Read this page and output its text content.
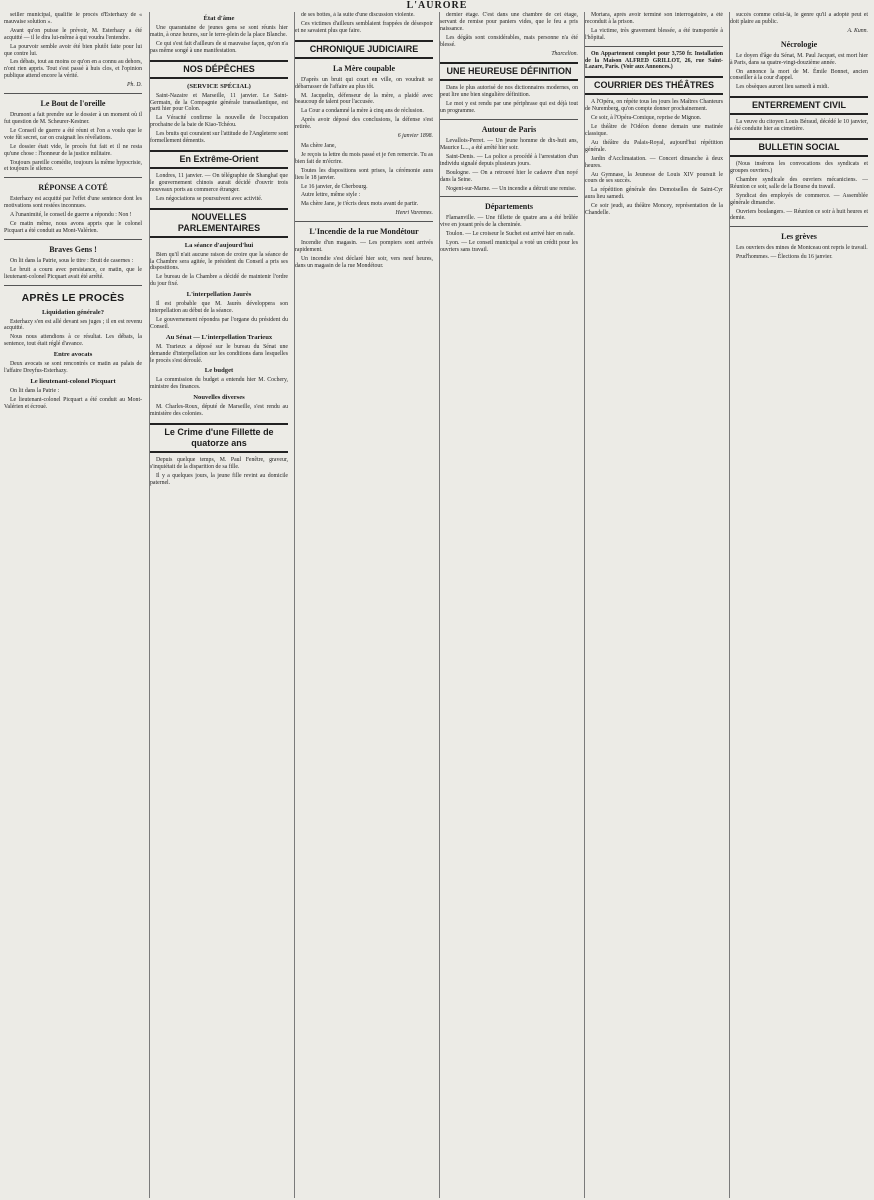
L'AURORE

seiller municipal, qualifie le procès d'Esterhazy de « mauvaise solution ».

Avant qu'on puisse le prévoir, M. Esterhazy a été acquitté — il le dira lui-même à qui voudra l'entendre.

La pourvoir semble avoir été bien plutôt faite pour lui que contre lui.

Les débats, tout au moins ce qu'on en a connu au dehors, n'ont rien appris. Tout s'est passé à huis clos, et l'opinion publique attend encore la vérité.

Ph. D.
Le Bout de l'oreille

Drumont a fait prendre sur le dossier à un moment où il fut question de M. Scheurer-Kestner.

Le Conseil de guerre a été réuni et l'on a voulu que le vote fût secret, car on craignait les révélations.

Le dossier était vide, le procès fut fait et il ne resta qu'une chose : l'honneur de la justice militaire.

Toujours pareille comédie, toujours la même hypocrisie, et toujours le silence.

RÉPONSE A COTÉ

Esterhazy est acquitté par l'effet d'une sentence dont les motivations sont restées inconnues.

A l'unanimité, le conseil de guerre a répondu : Non !

Ce matin même, nous avons appris que le colonel Picquart a été conduit au Mont-Valérien.

Braves Gens !

On lit dans la Patrie, sous le titre : Bruit de casernes :

Le bruit a couru avec persistance, ce matin, que le lieutenant-colonel Picquart avait été arrêté.

APRÈS LE PROCÈS
Liquidation générale?

Esterhazy s'en est allé devant ses juges ; il en est revenu acquitté.

Nous nous attendions à ce résultat. Les débats, la sentence, tout était réglé d'avance.

Entre avocats

Deux avocats se sont rencontrés ce matin au palais de l'affaire Dreyfus-Esterhazy.

Le lieutenant-colonel Picquart

On lit dans la Patrie :

Le lieutenant-colonel Picquart a été conduit au Mont-Valérien et écroué.

État d'âme

Une quarantaine de jeunes gens se sont réunis hier matin, à onze heures, sur le terre-plein de la place Blanche.

Ce qui s'est fait d'ailleurs de si mauvaise façon, qu'on n'a pas même songé à une manifestation.

NOS DÉPÊCHES
(SERVICE SPÉCIAL)

Saint-Nazaire et Marseille, 11 janvier. Le Saint-Germain, de la Compagnie générale transatlantique, est parti hier pour Colon.

La Véracité confirme la nouvelle de l'occupation prochaine de la baie de Kiao-Tchéou.

Les bruits qui couraient sur l'attitude de l'Angleterre sont formellement démentis.

En Extrême-Orient

Londres, 11 janvier. — On télégraphie de Shanghaï que le gouvernement chinois aurait décidé d'ouvrir trois nouveaux ports au commerce étranger.

Les négociations se poursuivent avec activité.

NOUVELLES PARLEMENTAIRES
La séance d'aujourd'hui

Bien qu'il n'ait aucune raison de croire que la séance de la Chambre sera agitée, le président du Conseil a pris ses dispositions.

Le bureau de la Chambre a décidé de maintenir l'ordre du jour fixé.

L'interpellation Jaurès

Il est probable que M. Jaurès développera son interpellation au début de la séance.

Le gouvernement répondra par l'organe du président du Conseil.

Au Sénat — L'interpellation Trarieux

M. Trarieux a déposé sur le bureau du Sénat une demande d'interpellation sur les conditions dans lesquelles le procès s'est déroulé.

Le budget

La commission du budget a entendu hier M. Cochery, ministre des finances.

Nouvelles diverses

M. Charles-Roux, député de Marseille, s'est rendu au ministère des colonies.

Le Crime d'une Fillette de quatorze ans

Depuis quelque temps, M. Paul Fenêtre, graveur, s'inquiétait de la disparition de sa fille.

Il y a quelques jours, la jeune fille revint au domicile paternel.

de ses bottes, à la suite d'une discussion violente.

Ces victimes d'ailleurs semblaient frappées de désespoir et ne savaient plus que faire.

CHRONIQUE JUDICIAIRE
La Mère coupable

D'après un bruit qui court en ville, on voudrait se débarrasser de l'affaire au plus tôt.

M. Jacquelin, défenseur de la mère, a plaidé avec beaucoup de talent pour l'accusée.

La Cour a condamné la mère à cinq ans de réclusion.

Après avoir déposé des conclusions, la défense s'est retirée.

6 janvier 1898.

Ma chère Jane,

Je reçois ta lettre du mois passé et je t'en remercie. Tu as bien fait de m'écrire.

Toutes les dispositions sont prises, la cérémonie aura lieu le 18 janvier.

Le 16 janvier, de Cherbourg.

Autre lettre, même style :

Ma chère Jane, je t'écris deux mots avant de partir.

Henri Varennes.
L'Incendie de la rue Mondétour

Incendie d'un magasin. — Les pompiers sont arrivés rapidement.

Un incendie s'est déclaré hier soir, vers neuf heures, dans un magasin de la rue Mondétour.

dernier étage. C'est dans une chambre de cet étage, servant de remise pour paniers vides, que le feu a pris naissance.

Les dégâts sont considérables, mais personne n'a été blessé.

Tharcelion.
UNE HEUREUSE DÉFINITION

Dans le plus autorisé de nos dictionnaires modernes, on peut lire une bien singulière définition.

Le mot y est rendu par une périphrase qui est déjà tout un programme.

Autour de Paris

Levallois-Perret. — Un jeune homme de dix-huit ans, Maurice L..., a été arrêté hier soir.

Saint-Denis. — La police a procédé à l'arrestation d'un individu signalé depuis plusieurs jours.

Boulogne. — On a retrouvé hier le cadavre d'un noyé dans la Seine.

Nogent-sur-Marne. — Un incendie a détruit une remise.

Départements

Flamanville. — Une fillette de quatre ans a été brûlée vive en jouant près de la cheminée.

Toulon. — Le croiseur le Suchet est arrivé hier en rade.

Lyon. — Le conseil municipal a voté un crédit pour les ouvriers sans travail.

Mortara, après avoir terminé son interrogatoire, a été reconduit à la prison.

La victime, très gravement blessée, a été transportée à l'hôpital.

On Appartement complet pour 3,750 fr. Installation de la Maison ALFRED GRILLOT, 26, rue Saint-Lazare, Paris. (Voir aux Annonces.)

COURRIER DES THÉÂTRES

A l'Opéra, on répète tous les jours les Maîtres Chanteurs de Nuremberg, qu'on compte donner prochainement.

Ce soir, à l'Opéra-Comique, reprise de Mignon.

Le théâtre de l'Odéon donne demain une matinée classique.

Au théâtre du Palais-Royal, aujourd'hui répétition générale.

Jardin d'Acclimatation. — Concert dimanche à deux heures.

Au Gymnase, la Jeunesse de Louis XIV poursuit le cours de ses succès.

La répétition générale des Demoiselles de Saint-Cyr aura lieu samedi.

Ce soir jeudi, au théâtre Moncey, représentation de la Chandelle.

succès comme celui-là, le genre qu'il a adopté peut et doit plaire au public.

A. Kunn.
Nécrologie

Le doyen d'âge du Sénat, M. Paul Jacquet, est mort hier à Paris, dans sa quatre-vingt-douzième année.

On annonce la mort de M. Émile Bonnet, ancien conseiller à la cour d'appel.

Les obsèques auront lieu samedi à midi.

ENTERREMENT CIVIL

La veuve du citoyen Louis Béraud, décédé le 10 janvier, a été conduite hier au cimetière.

BULLETIN SOCIAL

(Nous insérons les convocations des syndicats et groupes ouvriers.)

Chambre syndicale des ouvriers mécaniciens. — Réunion ce soir, salle de la Bourse du travail.

Syndicat des employés de commerce. — Assemblée générale dimanche.

Ouvriers boulangers. — Réunion ce soir à huit heures et demie.

Les grèves

Les ouvriers des mines de Montceau ont repris le travail.

Prud'hommes. — Élections du 16 janvier.
